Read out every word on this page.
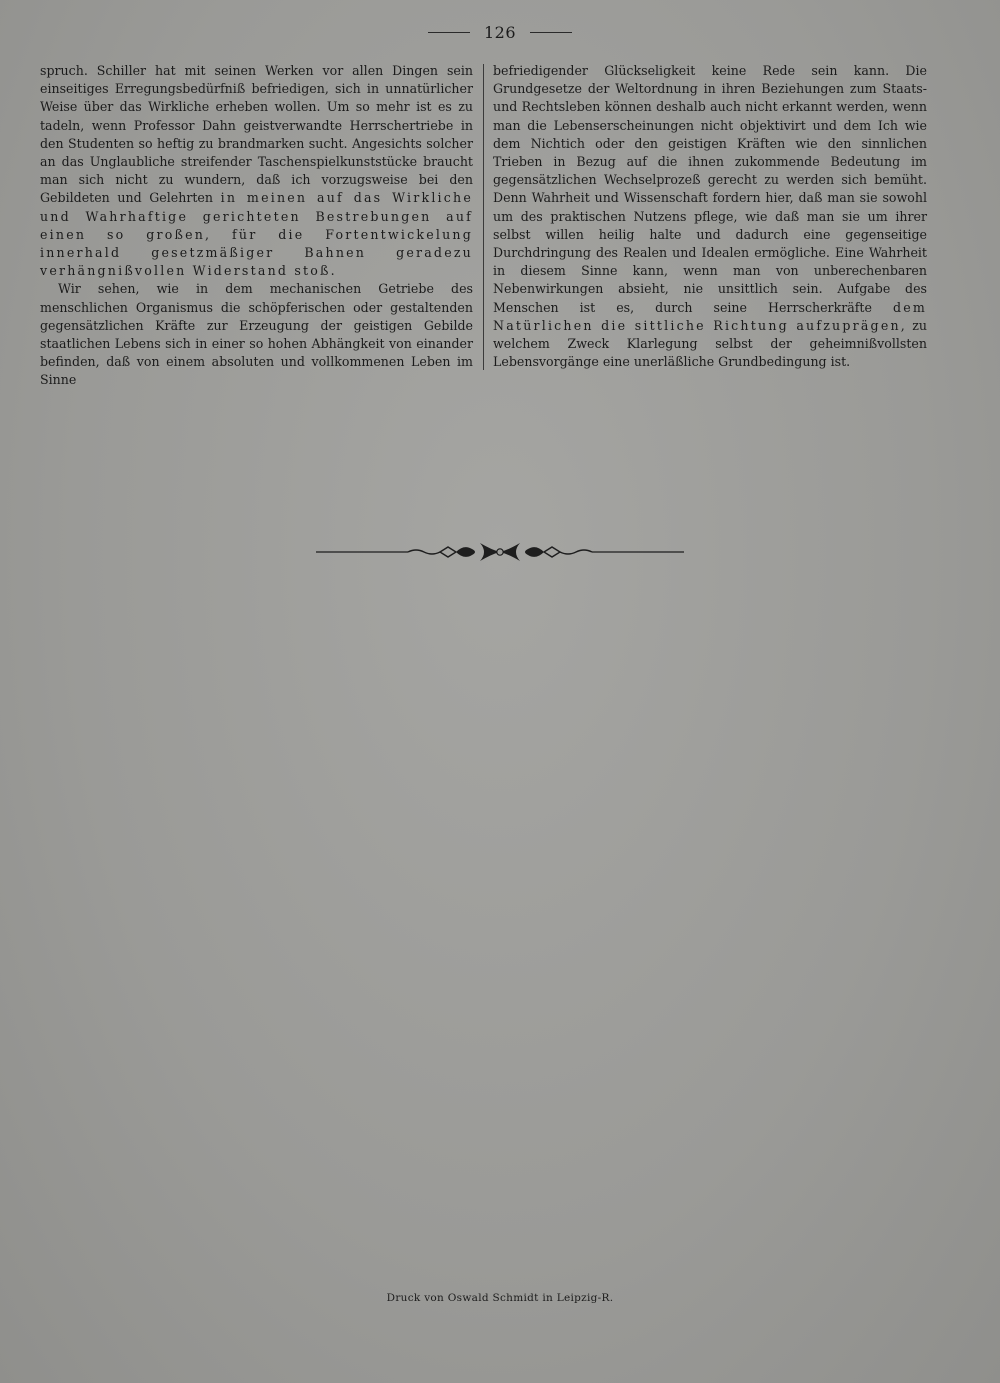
126

spruch. Schiller hat mit seinen Werken vor allen Dingen sein einseitiges Erregungsbedürfniß befriedigen, sich in unnatürlicher Weise über das Wirkliche erheben wollen. Um so mehr ist es zu tadeln, wenn Professor Dahn geistverwandte Herrschertriebe in den Studenten so heftig zu brandmarken sucht. Angesichts solcher an das Unglaubliche streifender Taschenspielkunststücke braucht man sich nicht zu wundern, daß ich vorzugsweise bei den Gebildeten und Gelehrten in meinen auf das Wirkliche und Wahrhaftige gerichteten Bestrebungen auf einen so großen, für die Fortentwickelung innerhald gesetzmäßiger Bahnen geradezu verhängnißvollen Widerstand stoß.

Wir sehen, wie in dem mechanischen Getriebe des menschlichen Organismus die schöpferischen oder gestaltenden gegensätzlichen Kräfte zur Erzeugung der geistigen Gebilde staatlichen Lebens sich in einer so hohen Abhängkeit von einander befinden, daß von einem absoluten und vollkommenen Leben im Sinne

befriedigender Glückseligkeit keine Rede sein kann. Die Grundgesetze der Weltordnung in ihren Beziehungen zum Staats- und Rechtsleben können deshalb auch nicht erkannt werden, wenn man die Lebenserscheinungen nicht objektivirt und dem Ich wie dem Nichtich oder den geistigen Kräften wie den sinnlichen Trieben in Bezug auf die ihnen zukommende Bedeutung im gegensätzlichen Wechselprozeß gerecht zu werden sich bemüht. Denn Wahrheit und Wissenschaft fordern hier, daß man sie sowohl um des praktischen Nutzens pflege, wie daß man sie um ihrer selbst willen heilig halte und dadurch eine gegenseitige Durchdringung des Realen und Idealen ermögliche. Eine Wahrheit in diesem Sinne kann, wenn man von unberechenbaren Nebenwirkungen absieht, nie unsittlich sein. Aufgabe des Menschen ist es, durch seine Herrscherkräfte dem Natürlichen die sittliche Richtung aufzuprägen, zu welchem Zweck Klarlegung selbst der geheimnißvollsten Lebensvorgänge eine unerläßliche Grundbedingung ist.

Druck von Oswald Schmidt in Leipzig-R.
